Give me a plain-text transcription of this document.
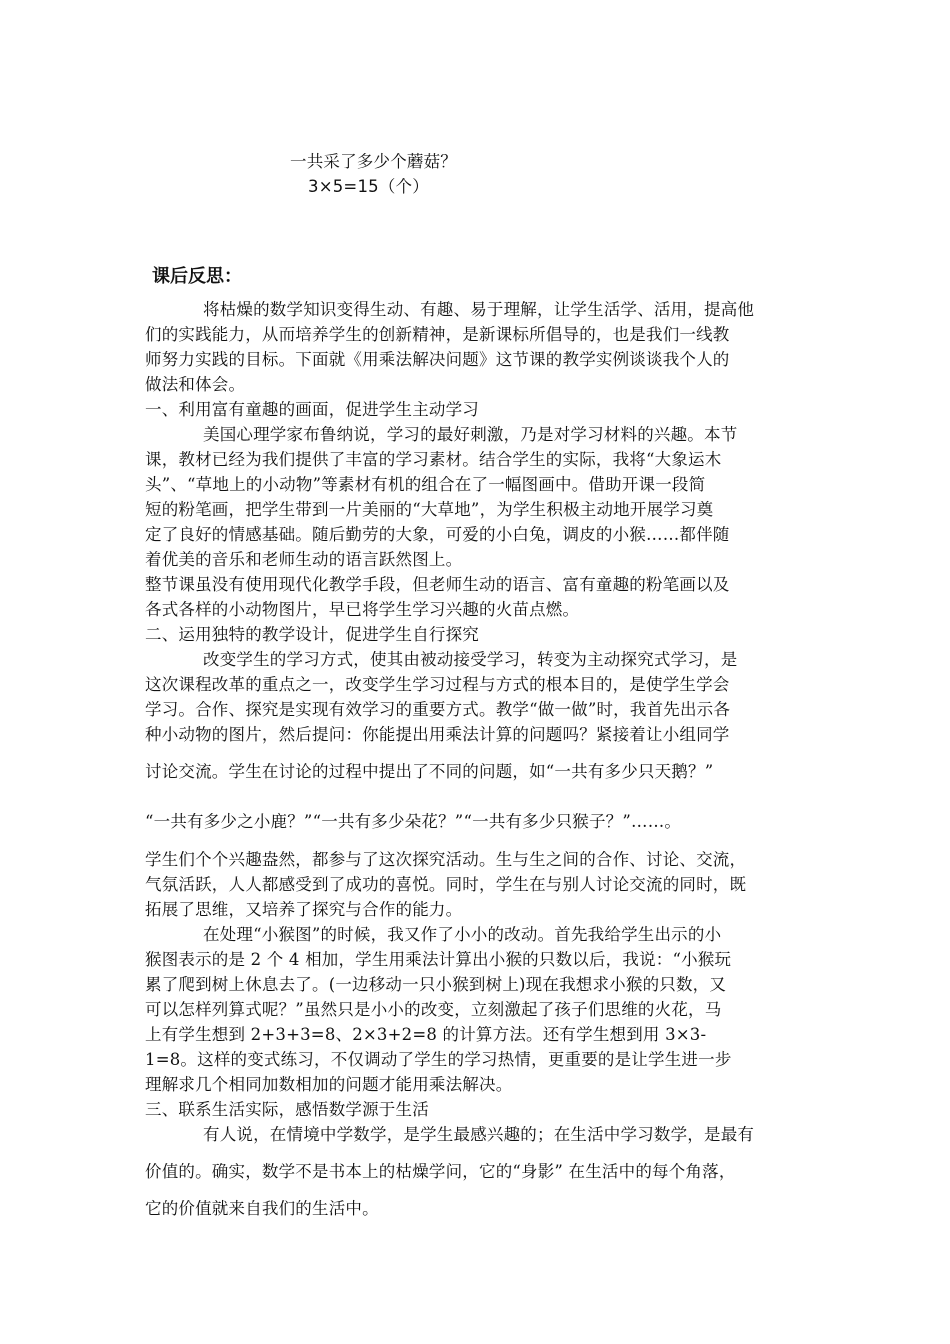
一共采了多少个蘑菇？
3×5=15（个）
课后反思：
将枯燥的数学知识变得生动、有趣、易于理解，让学生活学、活用，提高他
们的实践能力，从而培养学生的创新精神，是新课标所倡导的，也是我们一线教
师努力实践的目标。下面就《用乘法解决问题》这节课的教学实例谈谈我个人的
做法和体会。
一、利用富有童趣的画面，促进学生主动学习
美国心理学家布鲁纳说，学习的最好刺激，乃是对学习材料的兴趣。本节
课，教材已经为我们提供了丰富的学习素材。结合学生的实际，我将“大象运木
头”、“草地上的小动物”等素材有机的组合在了一幅图画中。借助开课一段简
短的粉笔画，把学生带到一片美丽的“大草地”，为学生积极主动地开展学习奠
定了良好的情感基础。随后勤劳的大象，可爱的小白兔，调皮的小猴……都伴随
着优美的音乐和老师生动的语言跃然图上。
整节课虽没有使用现代化教学手段，但老师生动的语言、富有童趣的粉笔画以及
各式各样的小动物图片，早已将学生学习兴趣的火苗点燃。
二、运用独特的教学设计，促进学生自行探究
改变学生的学习方式，使其由被动接受学习，转变为主动探究式学习，是
这次课程改革的重点之一，改变学生学习过程与方式的根本目的，是使学生学会
学习。合作、探究是实现有效学习的重要方式。教学“做一做”时，我首先出示各
种小动物的图片，然后提问：你能提出用乘法计算的问题吗？紧接着让小组同学
讨论交流。学生在讨论的过程中提出了不同的问题，如“一共有多少只天鹅？”
“一共有多少之小鹿？”“一共有多少朵花？”“一共有多少只猴子？”……。
学生们个个兴趣盎然，都参与了这次探究活动。生与生之间的合作、讨论、交流，
气氛活跃，人人都感受到了成功的喜悦。同时，学生在与别人讨论交流的同时，既
拓展了思维，又培养了探究与合作的能力。
在处理“小猴图”的时候，我又作了小小的改动。首先我给学生出示的小
猴图表示的是 2 个 4 相加，学生用乘法计算出小猴的只数以后，我说：“小猴玩
累了爬到树上休息去了。(一边移动一只小猴到树上)现在我想求小猴的只数，又
可以怎样列算式呢？”虽然只是小小的改变，立刻激起了孩子们思维的火花，马
上有学生想到 2+3+3=8、2×3+2=8 的计算方法。还有学生想到用 3×3-
1=8。这样的变式练习，不仅调动了学生的学习热情，更重要的是让学生进一步
理解求几个相同加数相加的问题才能用乘法解决。
三、联系生活实际，感悟数学源于生活
有人说，在情境中学数学，是学生最感兴趣的；在生活中学习数学，是最有
价值的。确实，数学不是书本上的枯燥学问，它的“身影” 在生活中的每个角落，
它的价值就来自我们的生活中。
